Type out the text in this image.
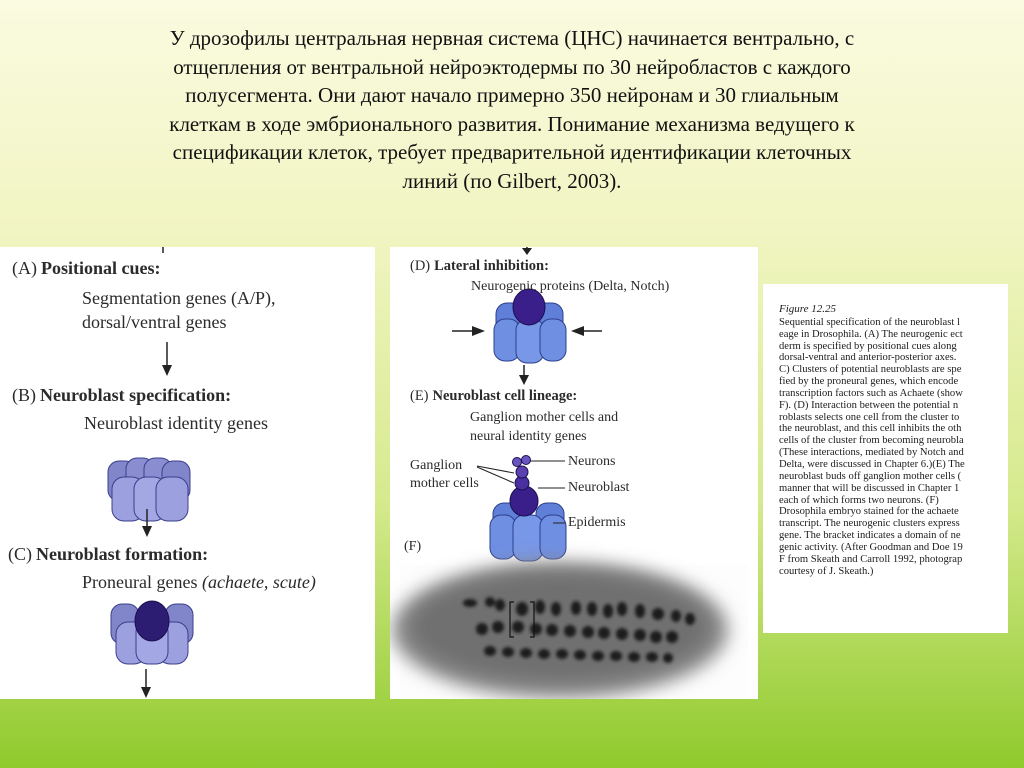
У дрозофилы центральная нервная система (ЦНС) начинается вентрально, с
отщепления от вентральной нейроэктодермы по 30 нейробластов с каждого
полусегмента. Они дают начало примерно 350 нейронам и 30 глиальным
клеткам в ходе эмбрионального развития. Понимание механизма ведущего к
спецификации клеток, требует предварительной идентификации клеточных
линий (по Gilbert, 2003).
(A) Positional cues:
Segmentation genes (A/P),
dorsal/ventral genes
(B) Neuroblast specification:
Neuroblast identity genes
(C) Neuroblast formation:
Proneural genes (achaete, scute)
(D) Lateral inhibition:
Neurogenic proteins (Delta, Notch)
(E) Neuroblast cell lineage:
Ganglion mother cells and
neural identity genes
Ganglion
mother cells
Neurons
Neuroblast
Epidermis
(F)
Figure 12.25
Sequential specification of the neuroblast l
eage in Drosophila. (A) The neurogenic ect
derm is specified by positional cues along
dorsal-ventral and anterior-posterior axes.
C) Clusters of potential neuroblasts are spe
fied by the proneural genes, which encode
transcription factors such as Achaete (show
F). (D) Interaction between the potential n
roblasts selects one cell from the cluster to
the neuroblast, and this cell inhibits the oth
cells of the cluster from becoming neurobla
(These interactions, mediated by Notch and
Delta, were discussed in Chapter 6.)(E) The
neuroblast buds off ganglion mother cells (
manner that will be discussed in Chapter 1
each of which forms two neurons. (F)
Drosophila embryo stained for the achaete
transcript. The neurogenic clusters express
gene. The bracket indicates a domain of ne
genic activity. (After Goodman and Doe 19
F from Skeath and Carroll 1992, photograp
courtesy of J. Skeath.)
